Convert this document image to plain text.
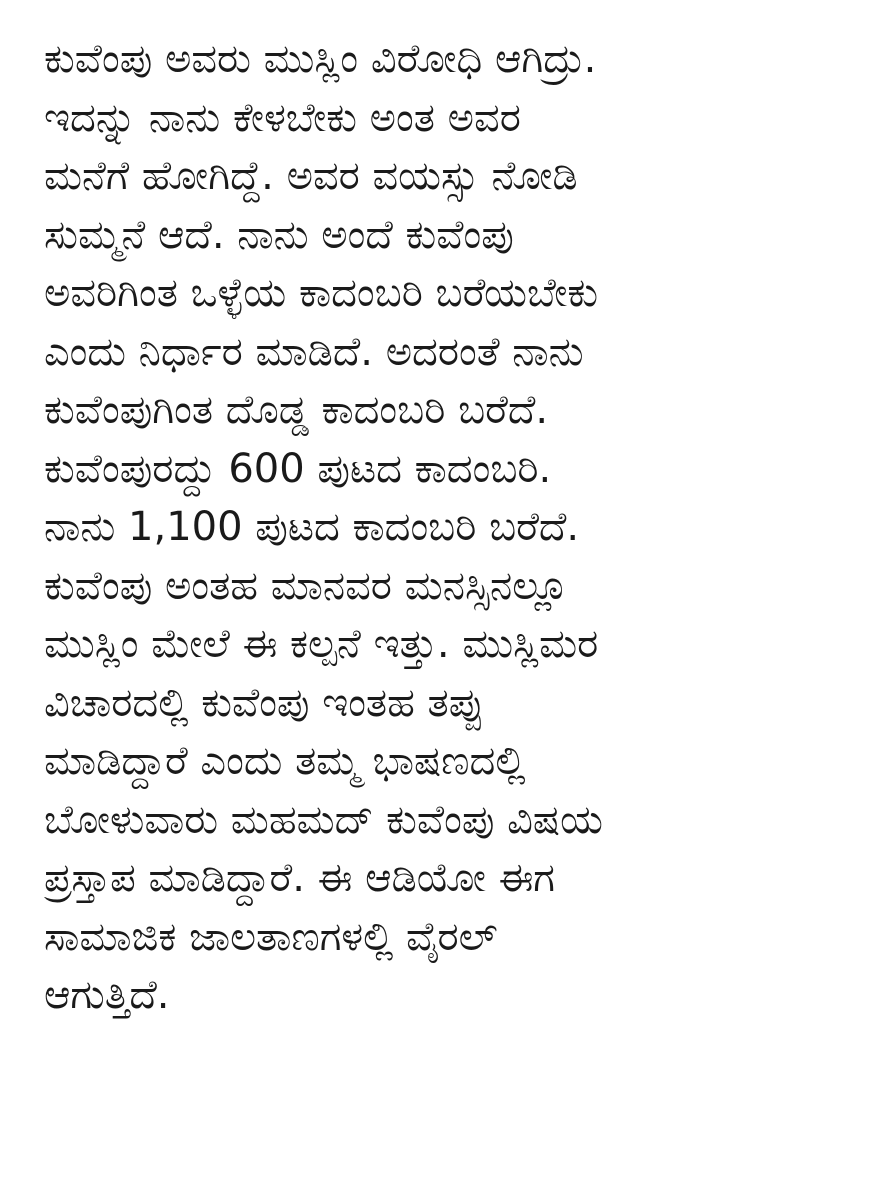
ಕುವೆಂಪು ಅವರು ಮುಸ್ಲಿಂ ವಿರೋಧಿ ಆಗಿದ್ರು.
ಇದನ್ನು ನಾನು ಕೇಳಬೇಕು ಅಂತ ಅವರ
ಮನೆಗೆ ಹೋಗಿದ್ದೆ. ಅವರ ವಯಸ್ಸು ನೋಡಿ
ಸುಮ್ಮನೆ ಆದೆ. ನಾನು ಅಂದೆ ಕುವೆಂಪು
ಅವರಿಗಿಂತ ಒಳ್ಳೆಯ ಕಾದಂಬರಿ ಬರೆಯಬೇಕು
ಎಂದು ನಿರ್ಧಾರ ಮಾಡಿದೆ. ಅದರಂತೆ ನಾನು
ಕುವೆಂಪುಗಿಂತ ದೊಡ್ಡ ಕಾದಂಬರಿ ಬರೆದೆ.
ಕುವೆಂಪುರದ್ದು 600 ಪುಟದ ಕಾದಂಬರಿ.
ನಾನು 1,100 ಪುಟದ ಕಾದಂಬರಿ ಬರೆದೆ.
ಕುವೆಂಪು ಅಂತಹ ಮಾನವರ ಮನಸ್ಸಿನಲ್ಲೂ
ಮುಸ್ಲಿಂ ಮೇಲೆ ಈ ಕಲ್ಪನೆ ಇತ್ತು. ಮುಸ್ಲಿಮರ
ವಿಚಾರದಲ್ಲಿ ಕುವೆಂಪು ಇಂತಹ ತಪ್ಪು
ಮಾಡಿದ್ದಾರೆ ಎಂದು ತಮ್ಮ ಭಾಷಣದಲ್ಲಿ
ಬೋಳುವಾರು ಮಹಮದ್ ಕುವೆಂಪು ವಿಷಯ
ಪ್ರಸ್ತಾಪ ಮಾಡಿದ್ದಾರೆ. ಈ ಆಡಿಯೋ ಈಗ
ಸಾಮಾಜಿಕ ಜಾಲತಾಣಗಳಲ್ಲಿ ವೈರಲ್
ಆಗುತ್ತಿದೆ.
